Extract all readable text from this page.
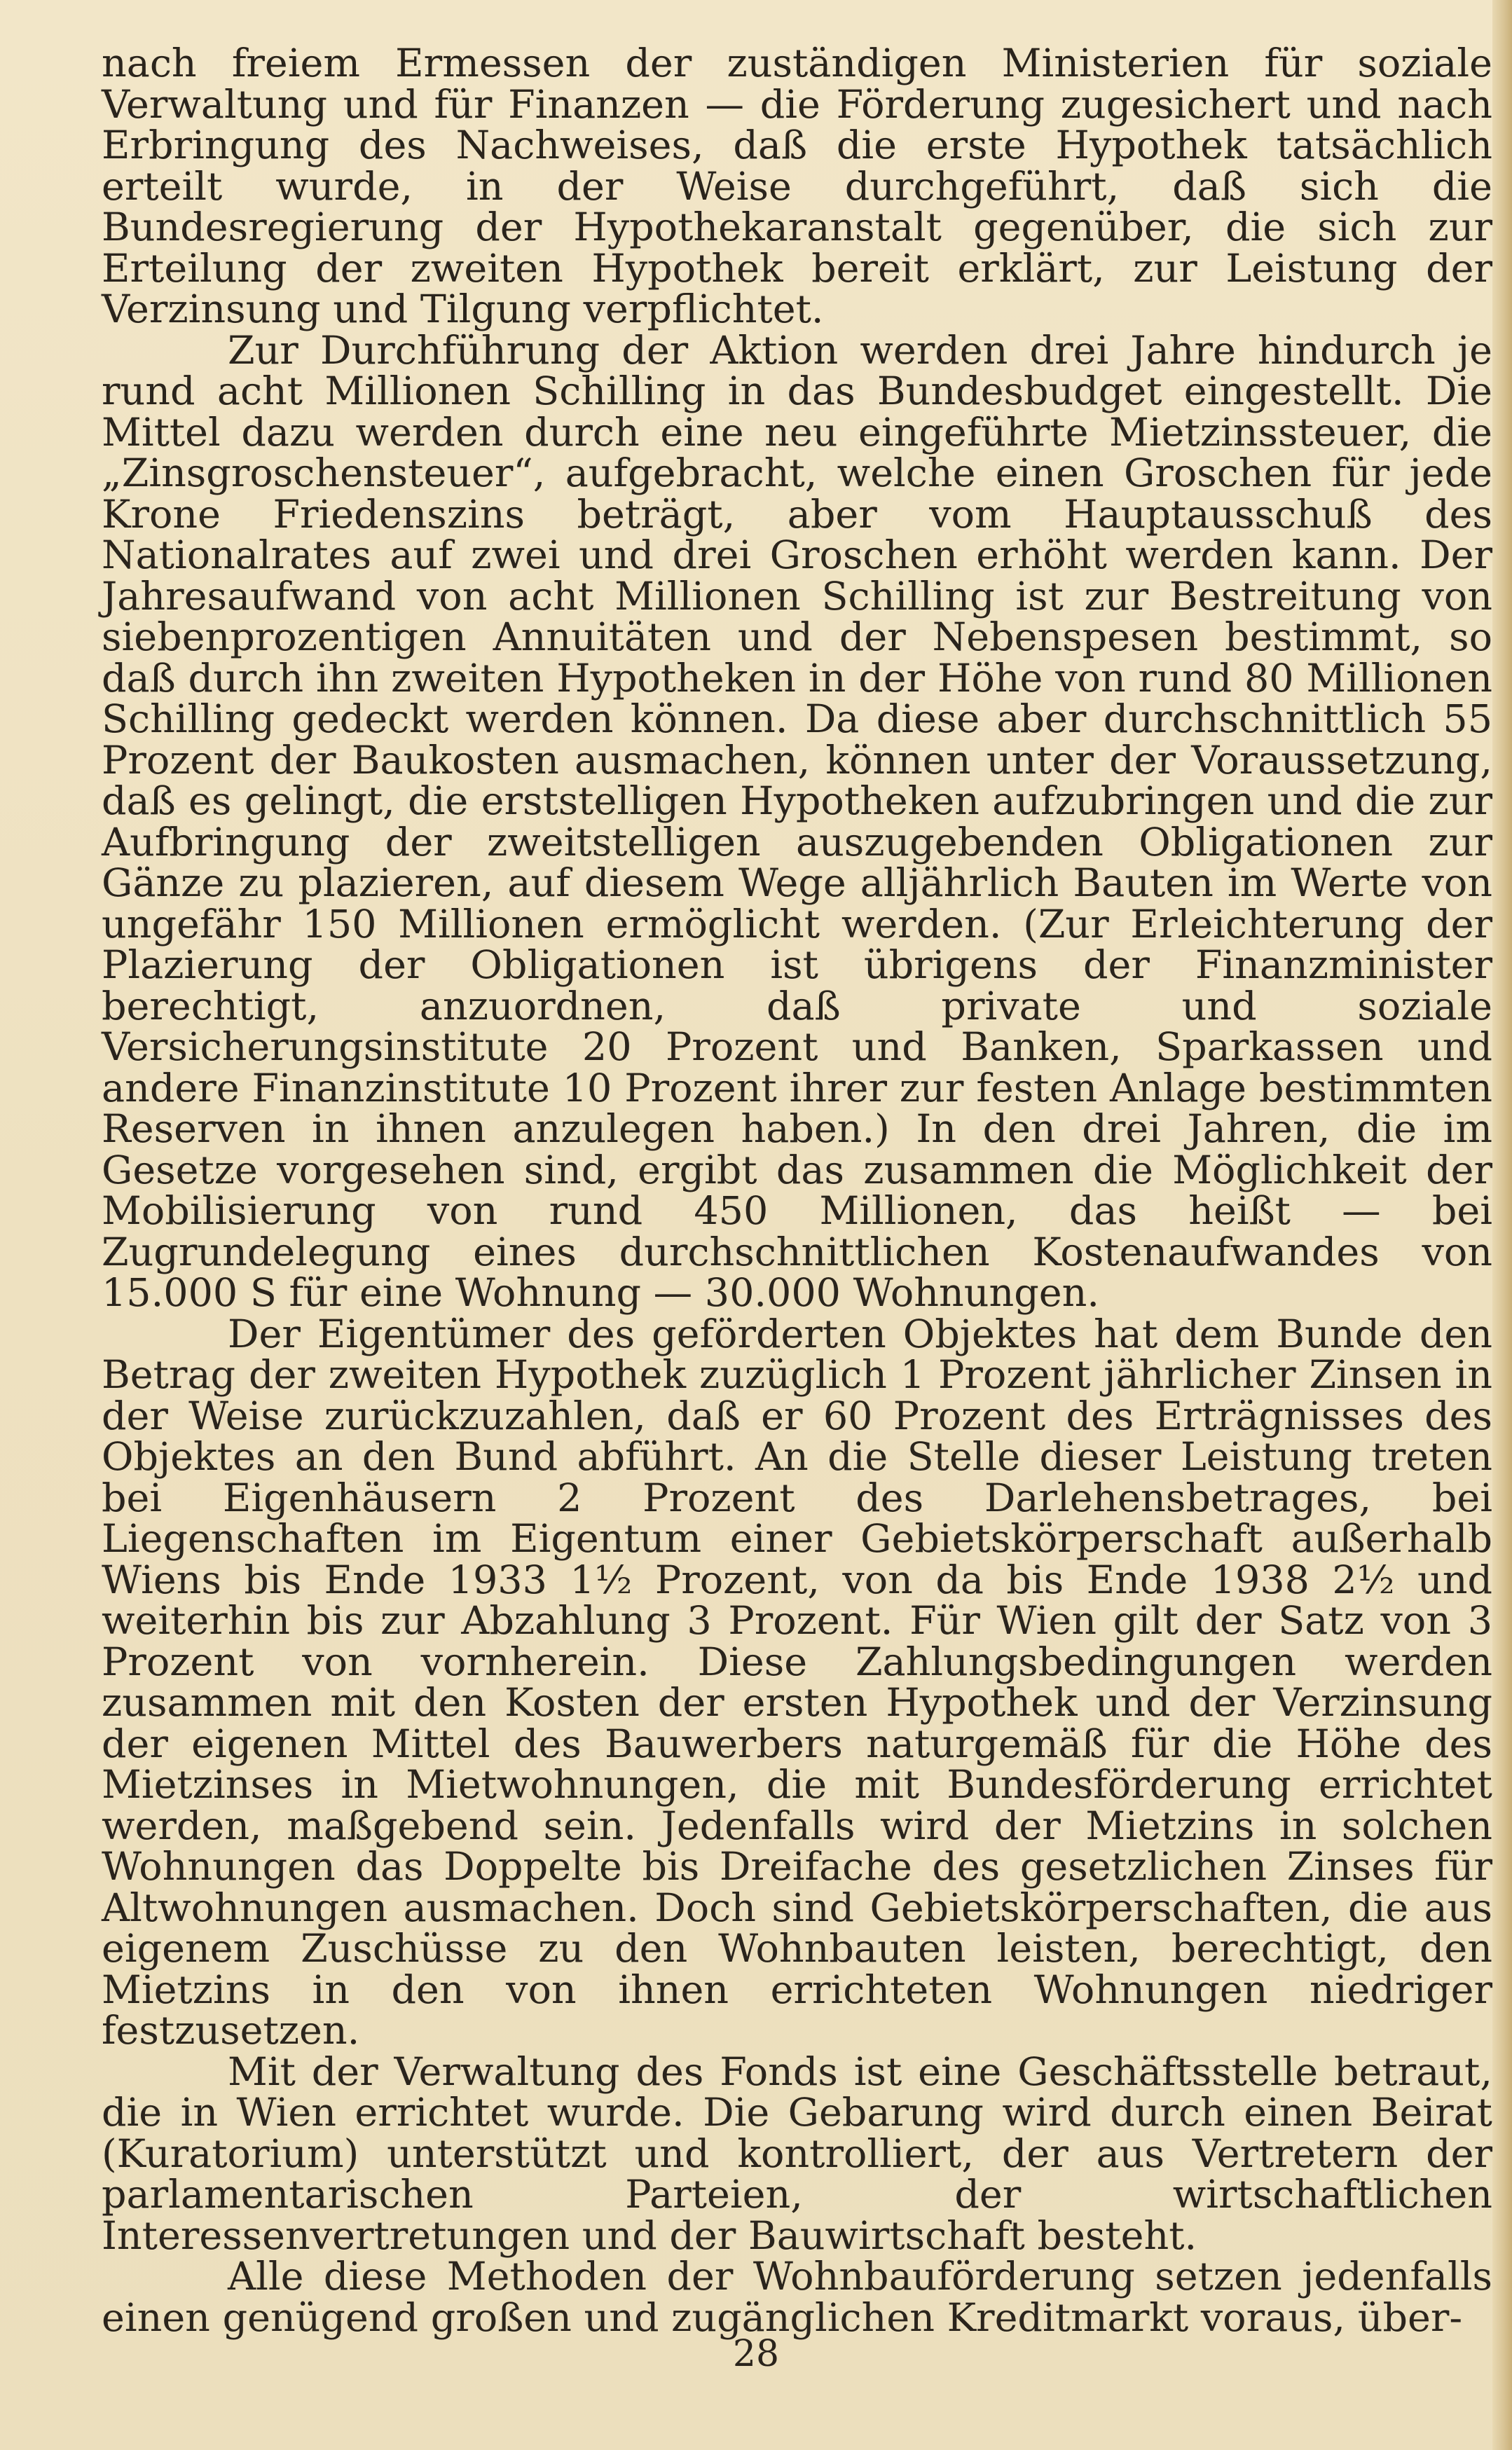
nach freiem Ermessen der zuständigen Ministerien für soziale Verwaltung und für Finanzen — die Förderung zugesichert und nach Erbringung des Nachweises, daß die erste Hypothek tatsächlich erteilt wurde, in der Weise durchgeführt, daß sich die Bundesregierung der Hypothekaranstalt gegenüber, die sich zur Erteilung der zweiten Hypothek bereit erklärt, zur Leistung der Verzinsung und Tilgung verpflichtet.

Zur Durchführung der Aktion werden drei Jahre hindurch je rund acht Millionen Schilling in das Bundesbudget eingestellt. Die Mittel dazu werden durch eine neu eingeführte Mietzinssteuer, die „Zinsgroschensteuer“, aufgebracht, welche einen Groschen für jede Krone Friedenszins beträgt, aber vom Hauptausschuß des Nationalrates auf zwei und drei Groschen erhöht werden kann. Der Jahresaufwand von acht Millionen Schilling ist zur Bestreitung von siebenprozentigen Annuitäten und der Nebenspesen bestimmt, so daß durch ihn zweiten Hypotheken in der Höhe von rund 80 Millionen Schilling gedeckt werden können. Da diese aber durchschnittlich 55 Prozent der Baukosten ausmachen, können unter der Voraussetzung, daß es gelingt, die erststelligen Hypotheken aufzubringen und die zur Aufbringung der zweitstelligen auszugebenden Obligationen zur Gänze zu plazieren, auf diesem Wege alljährlich Bauten im Werte von ungefähr 150 Millionen ermöglicht werden. (Zur Erleichterung der Plazierung der Obligationen ist übrigens der Finanzminister berechtigt, anzuordnen, daß private und soziale Versicherungsinstitute 20 Prozent und Banken, Sparkassen und andere Finanzinstitute 10 Prozent ihrer zur festen Anlage bestimmten Reserven in ihnen anzulegen haben.) In den drei Jahren, die im Gesetze vorgesehen sind, ergibt das zusammen die Möglichkeit der Mobilisierung von rund 450 Millionen, das heißt — bei Zugrundelegung eines durchschnittlichen Kostenaufwandes von 15.000 S für eine Wohnung — 30.000 Wohnungen.

Der Eigentümer des geförderten Objektes hat dem Bunde den Betrag der zweiten Hypothek zuzüglich 1 Prozent jährlicher Zinsen in der Weise zurückzuzahlen, daß er 60 Prozent des Erträgnisses des Objektes an den Bund abführt. An die Stelle dieser Leistung treten bei Eigenhäusern 2 Prozent des Darlehensbetrages, bei Liegenschaften im Eigentum einer Gebietskörperschaft außerhalb Wiens bis Ende 1933 1½ Prozent, von da bis Ende 1938 2½ und weiterhin bis zur Abzahlung 3 Prozent. Für Wien gilt der Satz von 3 Prozent von vornherein. Diese Zahlungsbedingungen werden zusammen mit den Kosten der ersten Hypothek und der Verzinsung der eigenen Mittel des Bauwerbers naturgemäß für die Höhe des Mietzinses in Mietwohnungen, die mit Bundesförderung errichtet werden, maßgebend sein. Jedenfalls wird der Mietzins in solchen Wohnungen das Doppelte bis Dreifache des gesetzlichen Zinses für Altwohnungen ausmachen. Doch sind Gebietskörperschaften, die aus eigenem Zuschüsse zu den Wohnbauten leisten, berechtigt, den Mietzins in den von ihnen errichteten Wohnungen niedriger festzusetzen.

Mit der Verwaltung des Fonds ist eine Geschäftsstelle betraut, die in Wien errichtet wurde. Die Gebarung wird durch einen Beirat (Kuratorium) unterstützt und kontrolliert, der aus Vertretern der parlamentarischen Parteien, der wirtschaftlichen Interessenvertretungen und der Bauwirtschaft besteht.

Alle diese Methoden der Wohnbauförderung setzen jedenfalls einen genügend großen und zugänglichen Kreditmarkt voraus, über-

28
